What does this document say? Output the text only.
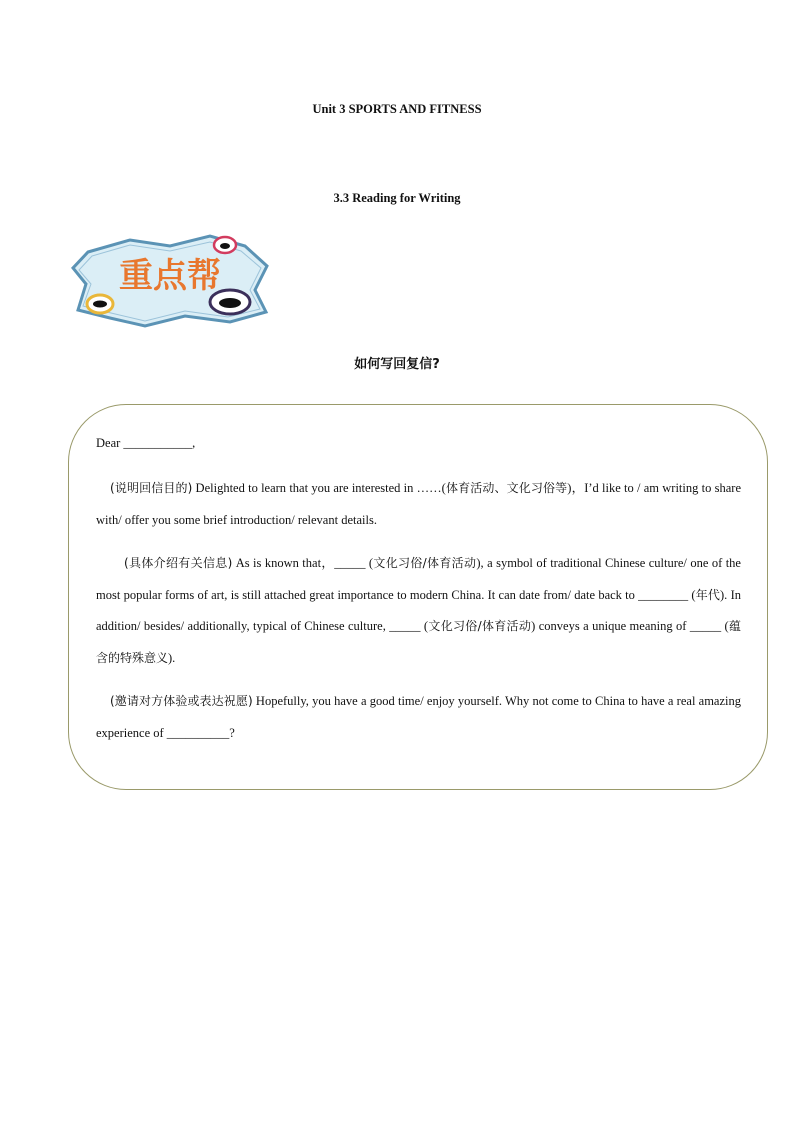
Unit 3 SPORTS AND FITNESS
3.3 Reading for Writing
重点帮
如何写回复信?
Dear ___________,
(说明回信目的) Delighted to learn that you are interested in ……(体育活动、文化习俗等)，I’d like to / am writing to share with/ offer you some brief introduction/ relevant details.
(具体介绍有关信息) As is known that，_____ (文化习俗/体育活动), a symbol of traditional Chinese culture/ one of the most popular forms of art, is still attached great importance to modern China. It can date from/ date back to ________ (年代). In addition/ besides/ additionally, typical of Chinese culture, _____ (文化习俗/体育活动) conveys a unique meaning of _____ (蕴含的特殊意义).
(邀请对方体验或表达祝愿) Hopefully, you have a good time/ enjoy yourself. Why not come to China to have a real amazing experience of __________?
